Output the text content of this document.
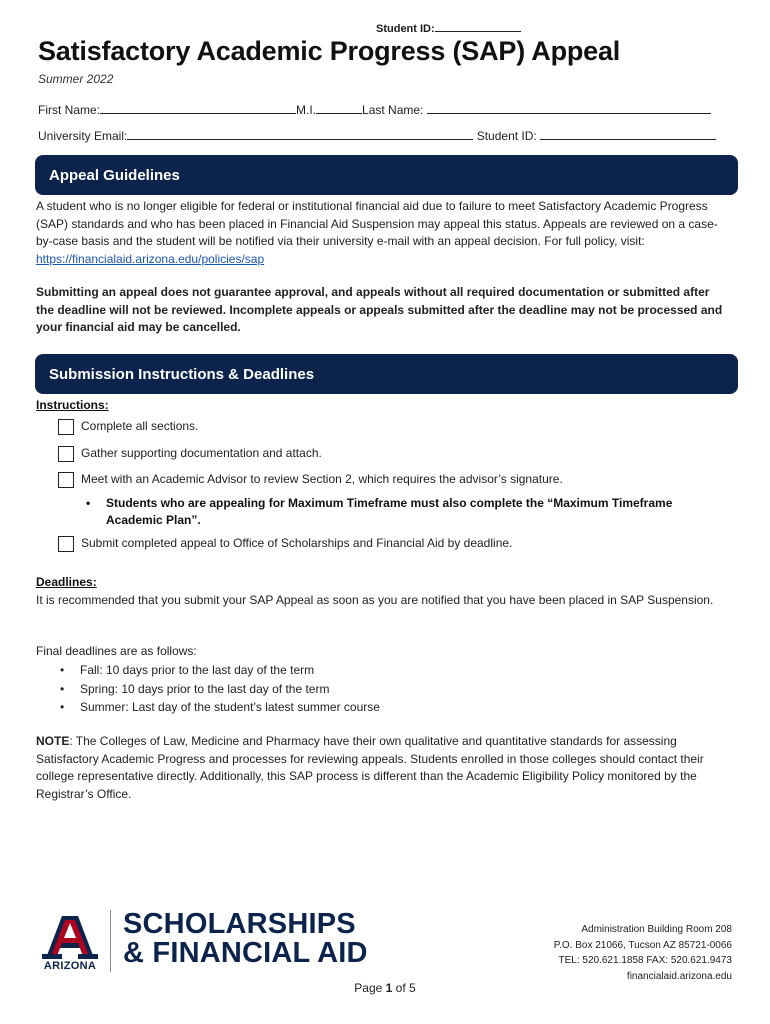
Student ID:
Satisfactory Academic Progress (SAP) Appeal
Summer 2022
First Name:	M.I.	Last Name:
University Email:	Student ID:
Appeal Guidelines

A student who is no longer eligible for federal or institutional financial aid due to failure to meet Satisfactory Academic Progress (SAP) standards and who has been placed in Financial Aid Suspension may appeal this status. Appeals are reviewed on a case-by-case basis and the student will be notified via their university e-mail with an appeal decision. For full policy, visit: https://financialaid.arizona.edu/policies/sap

Submitting an appeal does not guarantee approval, and appeals without all required documentation or submitted after the deadline will not be reviewed. Incomplete appeals or appeals submitted after the deadline may not be processed and your financial aid may be cancelled.

Submission Instructions & Deadlines
Instructions:
Complete all sections.
Gather supporting documentation and attach.
Meet with an Academic Advisor to review Section 2, which requires the advisor’s signature.
• Students who are appealing for Maximum Timeframe must also complete the “Maximum Timeframe Academic Plan”.
Submit completed appeal to Office of Scholarships and Financial Aid by deadline.
Deadlines:

It is recommended that you submit your SAP Appeal as soon as you are notified that you have been placed in SAP Suspension.

Final deadlines are as follows:
• Fall: 10 days prior to the last day of the term
• Spring: 10 days prior to the last day of the term
• Summer: Last day of the student’s latest summer course

NOTE: The Colleges of Law, Medicine and Pharmacy have their own qualitative and quantitative standards for assessing Satisfactory Academic Progress and processes for reviewing appeals. Students enrolled in those colleges should contact their college representative directly. Additionally, this SAP process is different than the Academic Eligibility Policy monitored by the Registrar’s Office.

ARIZONA
SCHOLARSHIPS
& FINANCIAL AID
Administration Building Room 208
P.O. Box 21066, Tucson AZ 85721-0066
TEL: 520.621.1858 FAX: 520.621.9473
financialaid.arizona.edu
Page 1 of 5
